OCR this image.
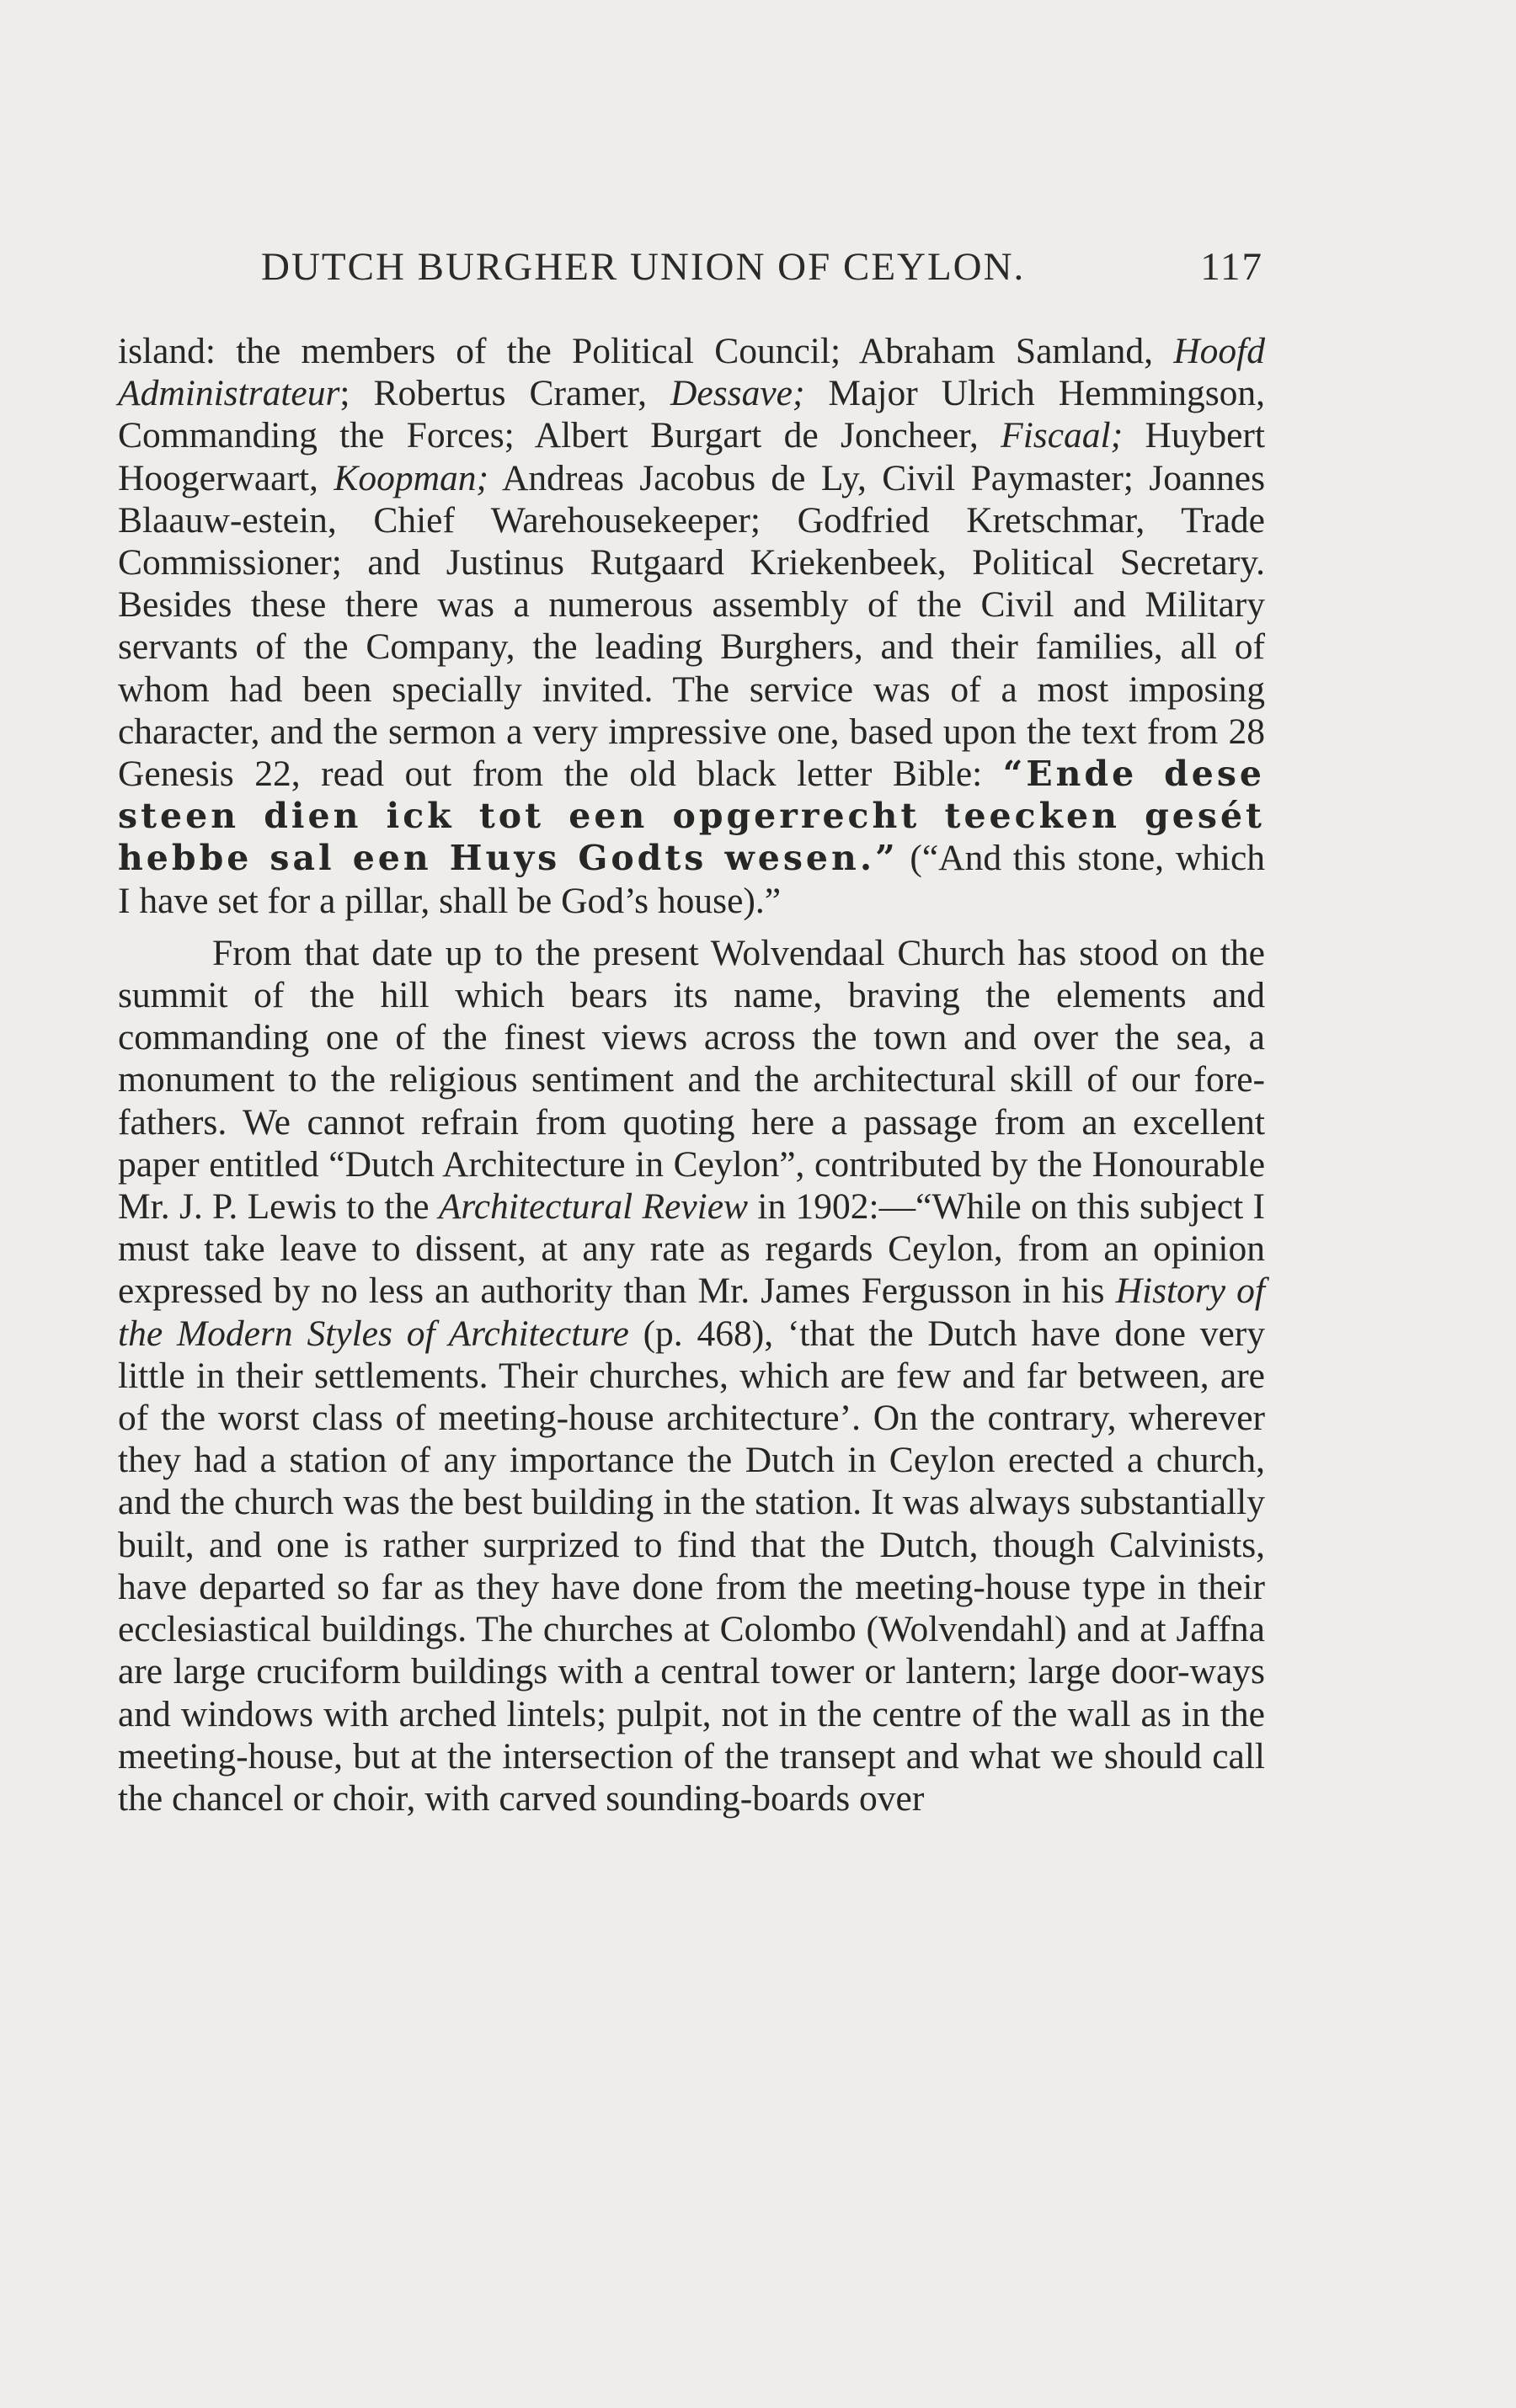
DUTCH BURGHER UNION OF CEYLON.	117

island: the members of the Political Council; Abraham Samland, Hoofd Administrateur; Robertus Cramer, Dessave; Major Ulrich Hemmingson, Commanding the Forces; Albert Burgart de Joncheer, Fiscaal; Huybert Hoogerwaart, Koopman; Andreas Jacobus de Ly, Civil Paymaster; Joannes Blaauw-estein, Chief Warehousekeeper; Godfried Kretschmar, Trade Commissioner; and Justinus Rutgaard Kriekenbeek, Political Secretary. Besides these there was a numerous assembly of the Civil and Military servants of the Company, the leading Burghers, and their families, all of whom had been specially invited. The service was of a most imposing character, and the sermon a very impressive one, based upon the text from 28 Genesis 22, read out from the old black letter Bible: “Ende dese steen dien ick tot een opgerrecht teecken gesét hebbe sal een Huys Godts wesen.” (“And this stone, which I have set for a pillar, shall be God’s house).”

From that date up to the present Wolvendaal Church has stood on the summit of the hill which bears its name, braving the elements and commanding one of the finest views across the town and over the sea, a monument to the religious sentiment and the architectural skill of our fore-fathers. We cannot refrain from quoting here a passage from an excellent paper entitled “Dutch Architecture in Ceylon”, contributed by the Honourable Mr. J. P. Lewis to the Architectural Review in 1902:—“While on this subject I must take leave to dissent, at any rate as regards Ceylon, from an opinion expressed by no less an authority than Mr. James Fergusson in his History of the Modern Styles of Architecture (p. 468), ‘that the Dutch have done very little in their settlements. Their churches, which are few and far between, are of the worst class of meeting-house architecture’. On the contrary, wherever they had a station of any importance the Dutch in Ceylon erected a church, and the church was the best building in the station. It was always substantially built, and one is rather surprized to find that the Dutch, though Calvinists, have departed so far as they have done from the meeting-house type in their ecclesiastical buildings. The churches at Colombo (Wolvendahl) and at Jaffna are large cruciform buildings with a central tower or lantern; large door-ways and windows with arched lintels; pulpit, not in the centre of the wall as in the meeting-house, but at the intersection of the transept and what we should call the chancel or choir, with carved sounding-boards over
